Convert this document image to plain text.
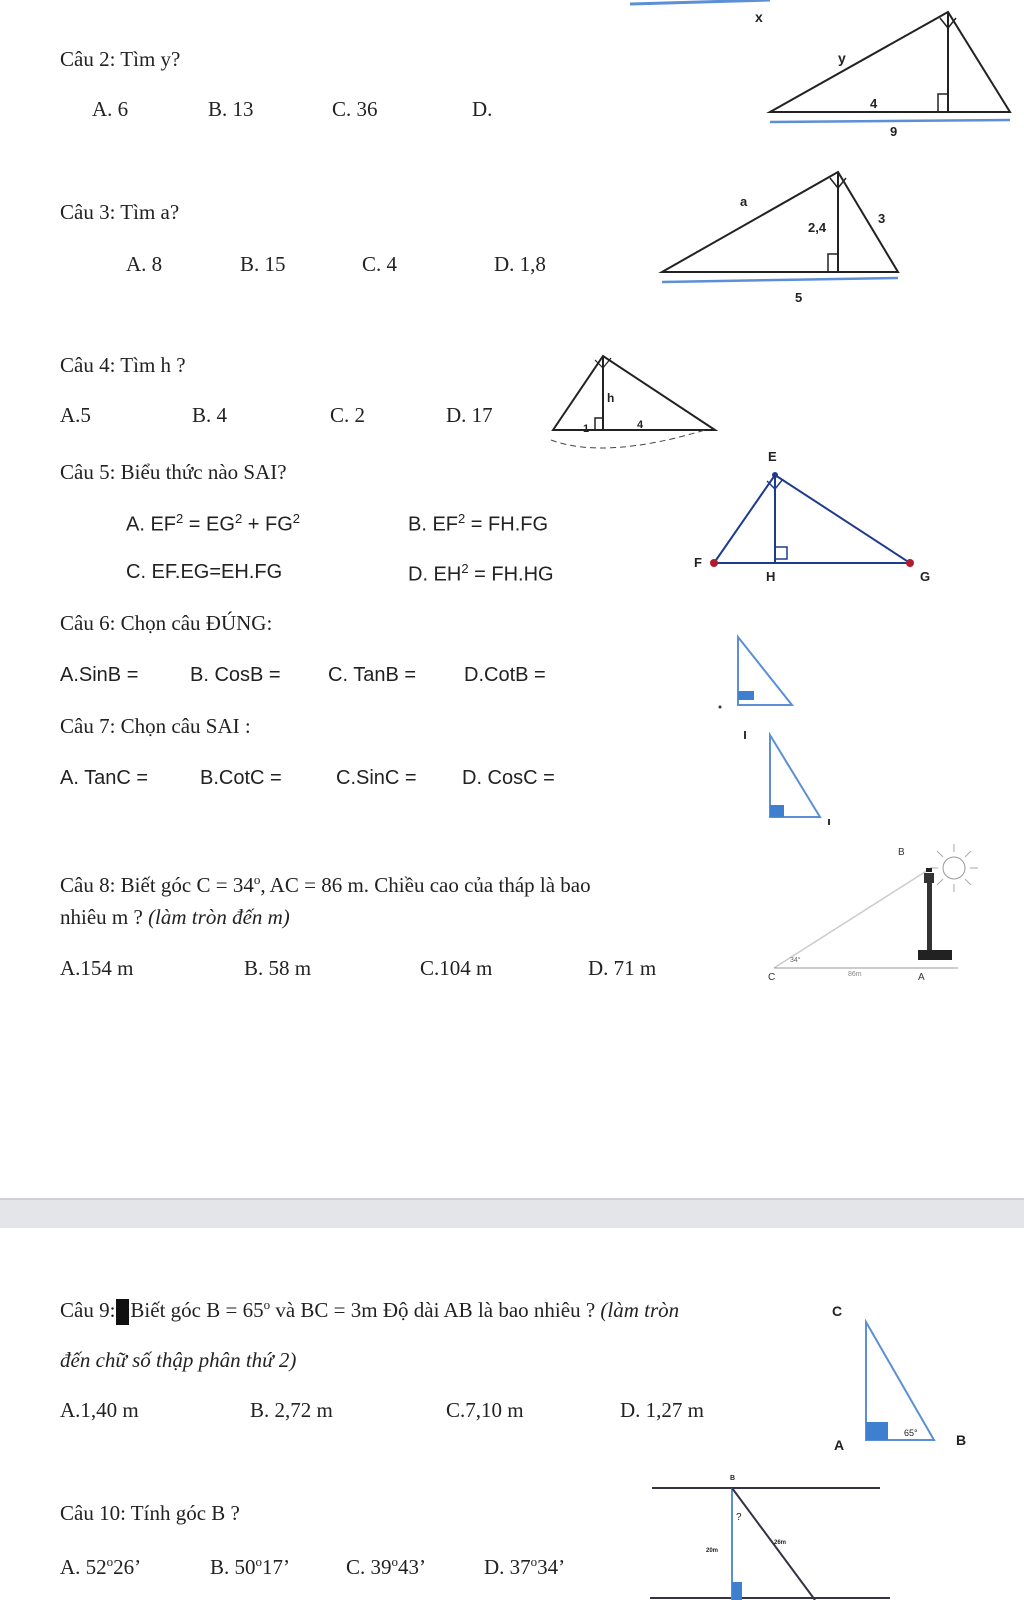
Câu 2: Tìm y?
A. 6	B. 13	C. 36	D.
x
y
4
9
Câu 3: Tìm a?
A. 8	B. 15	C. 4	D. 1,8
a
2,4
3
5
Câu 4: Tìm h ?
A.5	B. 4	C. 2	D. 17
h
1	4
Câu 5: Biểu thức nào SAI?
A. $EF^2 = EG^2 + FG^2$	B. $EF^2 = FH.FG$
C. EF.EG=EH.FG	D. $EH^2 = FH.HG$
E
F
G
H
Câu 6: Chọn câu ĐÚNG:
A.SinB =	B. CosB = C. TanB = D.CotB =
Câu 7: Chọn câu SAI :
A. TanC =	B.CotC =	C.SinC = D. CosC =
Câu 8: Biết góc $C = 34^o$, AC = 86 m. Chiều cao của tháp là bao
nhiêu m ? (làm tròn đến m)
A.154 m	B. 58 m	C.104 m	D. 71 m
B
C	A
34°
86m
Câu 9: Biết góc $B = 65^o$ và BC = 3m Độ dài AB là bao nhiêu ? (làm tròn
đến chữ số thập phân thứ 2)
A.1,40 m	B. 2,72 m	C.7,10 m	D. 1,27 m
C
A	B
65°
Câu 10: Tính góc B ?
A. 52$^o$26’	B. 50$^o$17’	C. 39$^o$43’	D. 37$^o$34’
B
?
20m
26m
